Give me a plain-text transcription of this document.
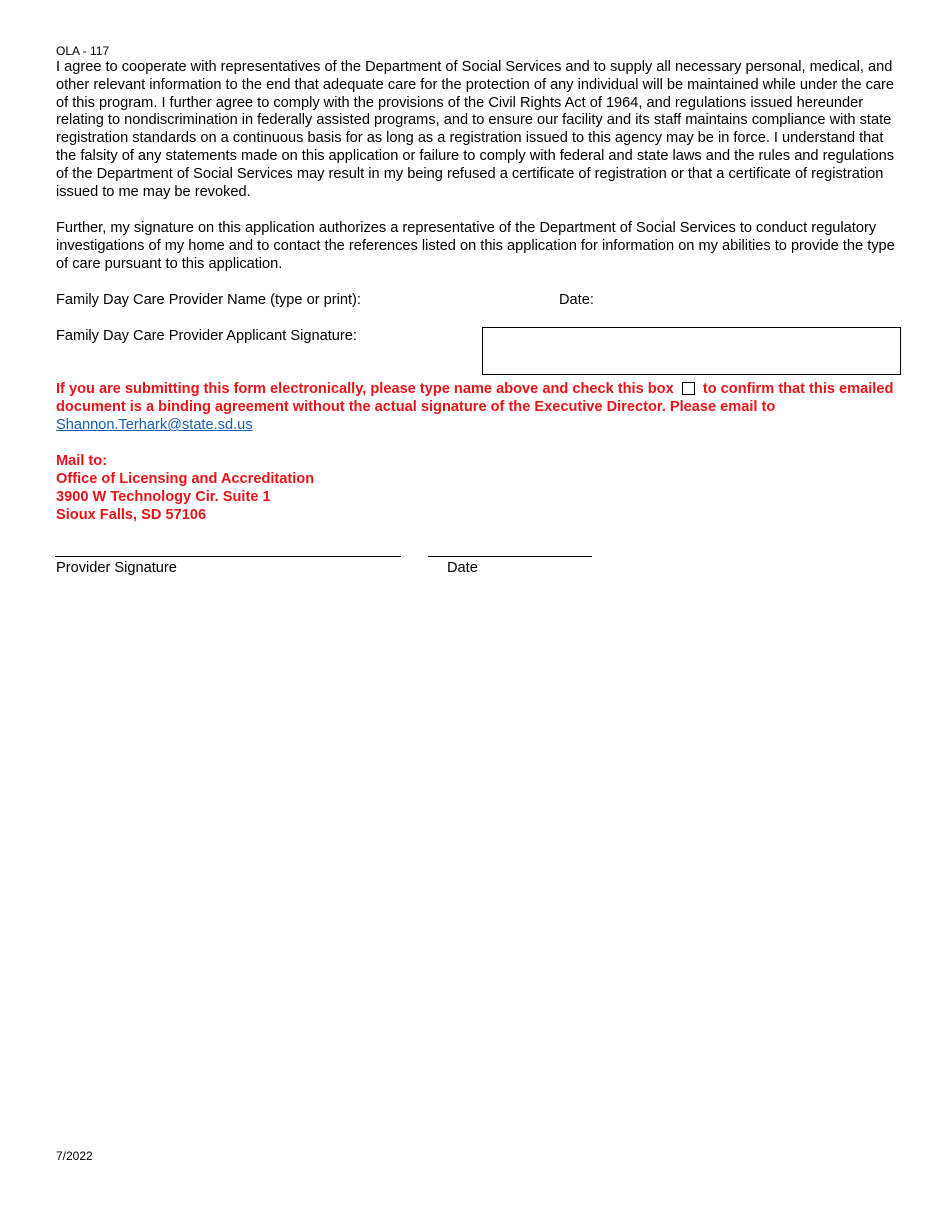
OLA - 117

I agree to cooperate with representatives of the Department of Social Services and to supply all necessary personal, medical, and other relevant information to the end that adequate care for the protection of any individual will be maintained while under the care of this program. I further agree to comply with the provisions of the Civil Rights Act of 1964, and regulations issued hereunder relating to nondiscrimination in federally assisted programs, and to ensure our facility and its staff maintains compliance with state registration standards on a continuous basis for as long as a registration issued to this agency may be in force. I understand that the falsity of any statements made on this application or failure to comply with federal and state laws and the rules and regulations of the Department of Social Services may result in my being refused a certificate of registration or that a certificate of registration issued to me may be revoked.

Further, my signature on this application authorizes a representative of the Department of Social Services to conduct regulatory investigations of my home and to contact the references listed on this application for information on my abilities to provide the type of care pursuant to this application.

Family Day Care Provider Name (type or print):	Date:
Family Day Care Provider Applicant Signature:
If you are submitting this form electronically, please type name above and check this box to confirm that this emailed document is a binding agreement without the actual signature of the Executive Director. Please email to
Shannon.Terhark@state.sd.us
Mail to:
Office of Licensing and Accreditation
3900 W Technology Cir. Suite 1
Sioux Falls, SD 57106
Provider Signature	Date
7/2022
